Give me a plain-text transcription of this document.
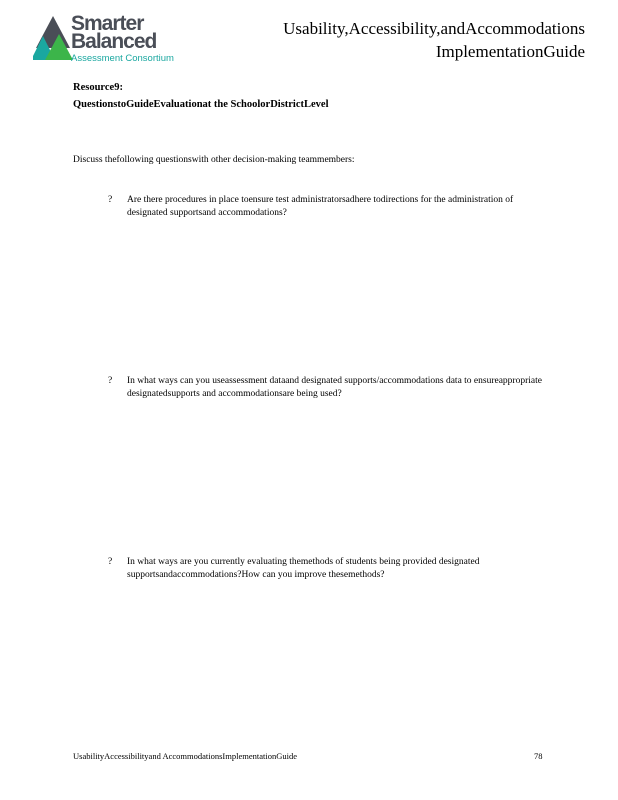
Smarter
Balanced
Assessment Consortium
Usability,Accessibility,andAccommodations
ImplementationGuide
Resource9:
QuestionstoGuideEvaluationat the SchoolorDistrictLevel
Discuss thefollowing questionswith other decision-making teammembers:
? Are there procedures in place toensure test administratorsadhere todirections for the administration of designated supportsand accommodations?
? In what ways can you useassessment dataand designated supports/accommodations data to ensureappropriate designatedsupports and accommodationsare being used?
? In what ways are you currently evaluating themethods of students being provided designated supportsandaccommodations?How can you improve thesemethods?
UsabilityAccessibilityand AccommodationsImplementationGuide	78
